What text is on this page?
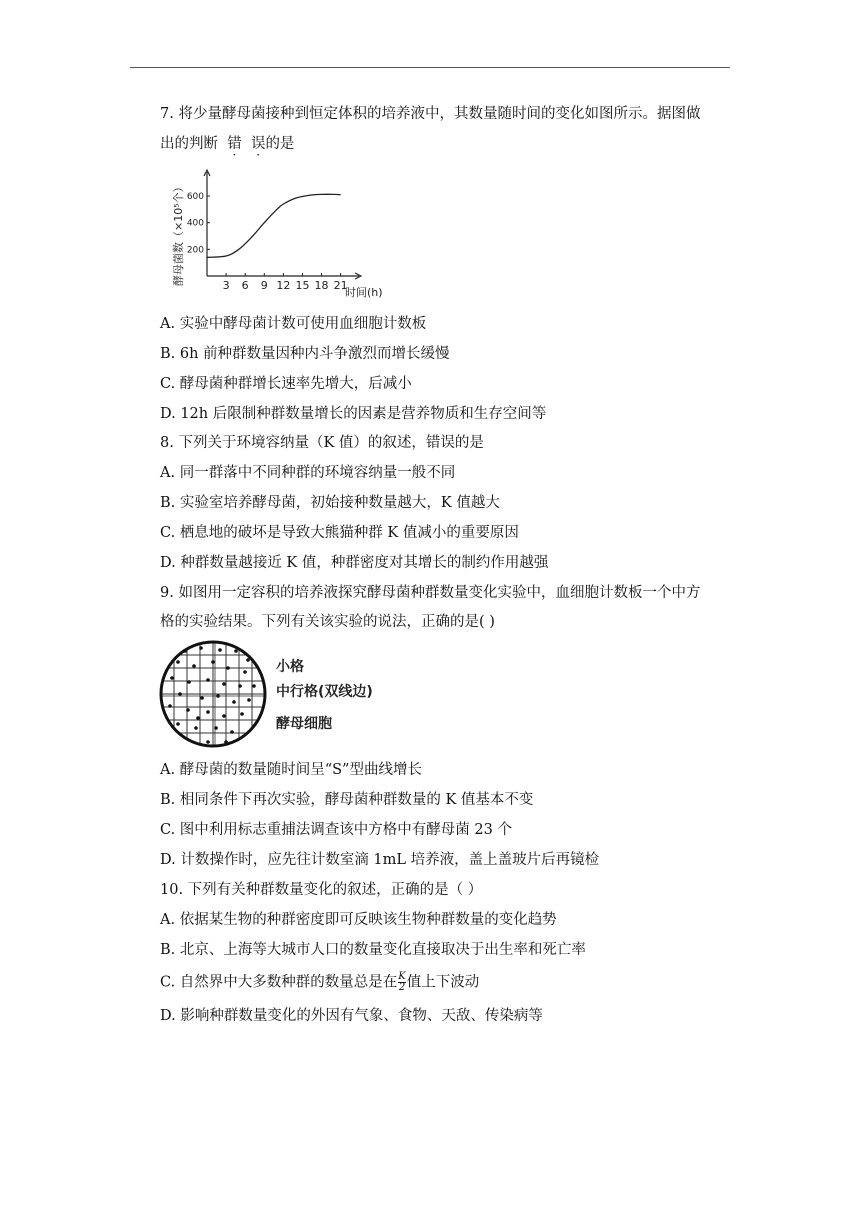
7. 将少量酵母菌接种到恒定体积的培养液中，其数量随时间的变化如图所示。据图做
出的判断 错 误的是
3 6 9 12 15 18 21
200
400
600
酵母菌数（×10⁵个）
时间(h)
A. 实验中酵母菌计数可使用血细胞计数板
B. 6h 前种群数量因种内斗争激烈而增长缓慢
C. 酵母菌种群增长速率先增大，后减小
D. 12h 后限制种群数量增长的因素是营养物质和生存空间等
8. 下列关于环境容纳量（K 值）的叙述，错误的是
A. 同一群落中不同种群的环境容纳量一般不同
B. 实验室培养酵母菌，初始接种数量越大，K 值越大
C. 栖息地的破坏是导致大熊猫种群 K 值减小的重要原因
D. 种群数量越接近 K 值，种群密度对其增长的制约作用越强
9. 如图用一定容积的培养液探究酵母菌种群数量变化实验中，血细胞计数板一个中方
格的实验结果。下列有关该实验的说法，正确的是( )
小格
中行格(双线边)
酵母细胞
A. 酵母菌的数量随时间呈“S”型曲线增长
B. 相同条件下再次实验，酵母菌种群数量的 K 值基本不变
C. 图中利用标志重捕法调查该中方格中有酵母菌 23 个
D. 计数操作时，应先往计数室滴 1mL 培养液，盖上盖玻片后再镜检
10. 下列有关种群数量变化的叙述，正确的是（ ）
A. 依据某生物的种群密度即可反映该生物种群数量的变化趋势
B. 北京、上海等大城市人口的数量变化直接取决于出生率和死亡率
C. 自然界中大多数种群的数量总是在 $\frac{K}{2}$ 值上下波动
D. 影响种群数量变化的外因有气象、食物、天敌、传染病等
